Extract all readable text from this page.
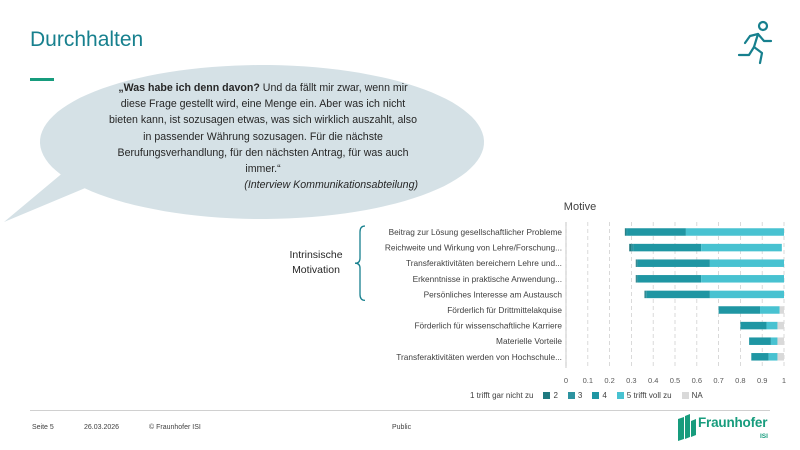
Durchhalten
„Was habe ich denn davon? Und da fällt mir zwar, wenn mir diese Frage gestellt wird, eine Menge ein. Aber was ich nicht bieten kann, ist sozusagen etwas, was sich wirklich auszahlt, also in passender Währung sozusagen. Für die nächste Berufungsverhandlung, für den nächsten Antrag, für was auch immer.“
(Interview Kommunikationsabteilung)
Motive
Intrinsische Motivation
0 0.1 0.2 0.3 0.4 0.5 0.6 0.7 0.8 0.9 1
Beitrag zur Lösung gesellschaftlicher Probleme
Reichweite und Wirkung von Lehre/Forschung...
Transferaktivitäten bereichern Lehre und...
Erkenntnisse in praktische Anwendung...
Persönliches Interesse am Austausch
Förderlich für Drittmittelakquise
Förderlich für wissenschaftliche Karriere
Materielle Vorteile
Transferaktivitäten werden von Hochschule...
1 trifft gar nicht zu	2	3	4	5 trifft voll zu	NA
Seite 5	26.03.2026	© Fraunhofer ISI	Public	Fraunhofer
ISI
